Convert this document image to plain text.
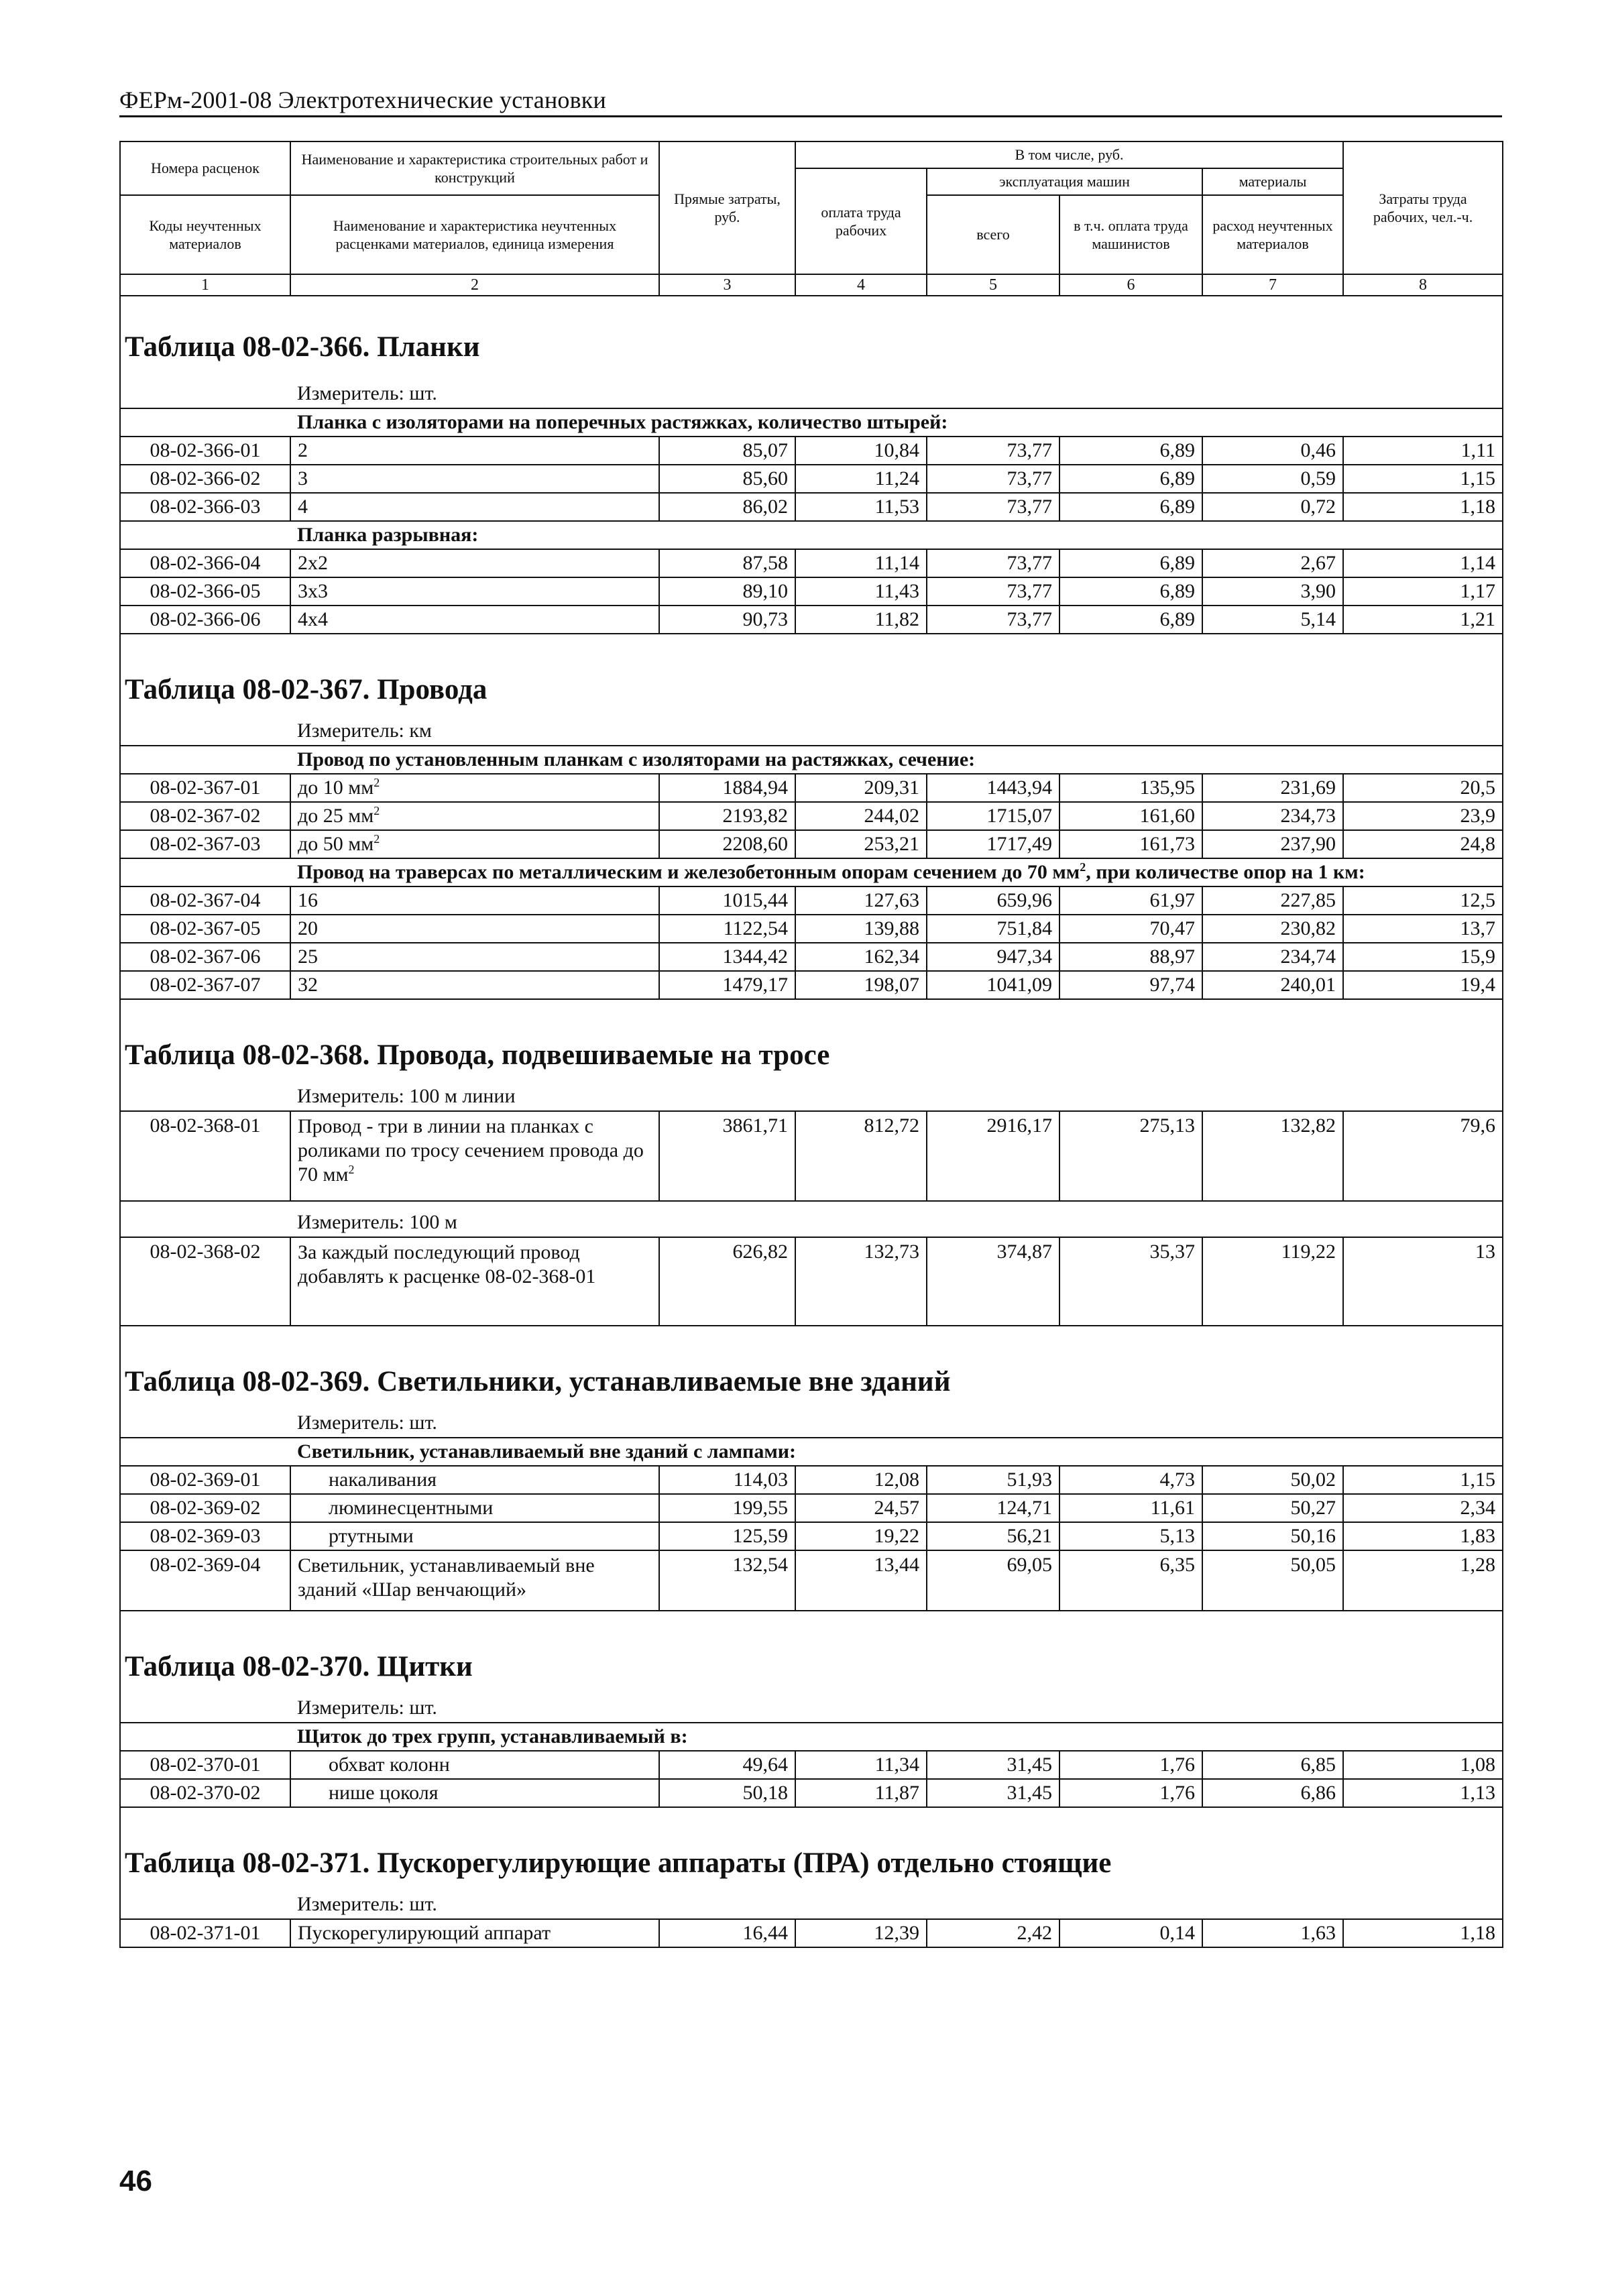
ФЕРм-2001-08 Электротехнические установки
Номера расценок	Наименование и характеристика строительных работ и конструкций	Прямые затраты, руб.	В том числе, руб.				Затраты труда рабочих, чел.-ч.
			оплата труда рабочих	эксплуатация машин		материалы	
Коды неучтенных материалов	Наименование и характеристика неучтенных расценками материалов, единица измерения			всего	в т.ч. оплата труда машинистов	расход неучтенных материалов	

1	2	3	4	5	6	7	8
Таблица 08-02-366. Планки							
	Измеритель: шт.						
	Планка с изоляторами на поперечных растяжках, количество штырей:						
08-02-366-01	2	85,07	10,84	73,77	6,89	0,46	1,11
08-02-366-02	3	85,60	11,24	73,77	6,89	0,59	1,15
08-02-366-03	4	86,02	11,53	73,77	6,89	0,72	1,18
	Планка разрывная:						
08-02-366-04	2х2	87,58	11,14	73,77	6,89	2,67	1,14
08-02-366-05	3х3	89,10	11,43	73,77	6,89	3,90	1,17
08-02-366-06	4х4	90,73	11,82	73,77	6,89	5,14	1,21

Таблица 08-02-367. Провода							
	Измеритель: км						
	Провод по установленным планкам с изоляторами на растяжках, сечение:						
08-02-367-01	до 10 $мм^2$	1884,94	209,31	1443,94	135,95	231,69	20,5
08-02-367-02	до 25 $мм^2$	2193,82	244,02	1715,07	161,60	234,73	23,9
08-02-367-03	до 50 $мм^2$	2208,60	253,21	1717,49	161,73	237,90	24,8
	Провод на траверсах по металлическим и железобетонным опорам сечением до 70 $мм^2$, при количестве опор на 1 км:						
08-02-367-04	16	1015,44	127,63	659,96	61,97	227,85	12,5
08-02-367-05	20	1122,54	139,88	751,84	70,47	230,82	13,7
08-02-367-06	25	1344,42	162,34	947,34	88,97	234,74	15,9
08-02-367-07	32	1479,17	198,07	1041,09	97,74	240,01	19,4

Таблица 08-02-368. Провода, подвешиваемые на тросе							
	Измеритель: 100 м линии						
08-02-368-01	Провод - три в линии на планках с роликами по тросу сечением провода до 70 $мм^2$	3861,71	812,72	2916,17	275,13	132,82	79,6
	Измеритель: 100 м						
08-02-368-02	За каждый последующий провод добавлять к расценке 08-02-368-01	626,82	132,73	374,87	35,37	119,22	13

Таблица 08-02-369. Светильники, устанавливаемые вне зданий							
	Измеритель: шт.						
	Светильник, устанавливаемый вне зданий с лампами:						
08-02-369-01	накаливания	114,03	12,08	51,93	4,73	50,02	1,15
08-02-369-02	люминесцентными	199,55	24,57	124,71	11,61	50,27	2,34
08-02-369-03	ртутными	125,59	19,22	56,21	5,13	50,16	1,83
08-02-369-04	Светильник, устанавливаемый вне зданий «Шар венчающий»	132,54	13,44	69,05	6,35	50,05	1,28

Таблица 08-02-370. Щитки							
	Измеритель: шт.						
	Щиток до трех групп, устанавливаемый в:						
08-02-370-01	обхват колонн	49,64	11,34	31,45	1,76	6,85	1,08
08-02-370-02	нише цоколя	50,18	11,87	31,45	1,76	6,86	1,13

Таблица 08-02-371. Пускорегулирующие аппараты (ПРА) отдельно стоящие							
	Измеритель: шт.						
08-02-371-01	Пускорегулирующий аппарат	16,44	12,39	2,42	0,14	1,63	1,18
46
